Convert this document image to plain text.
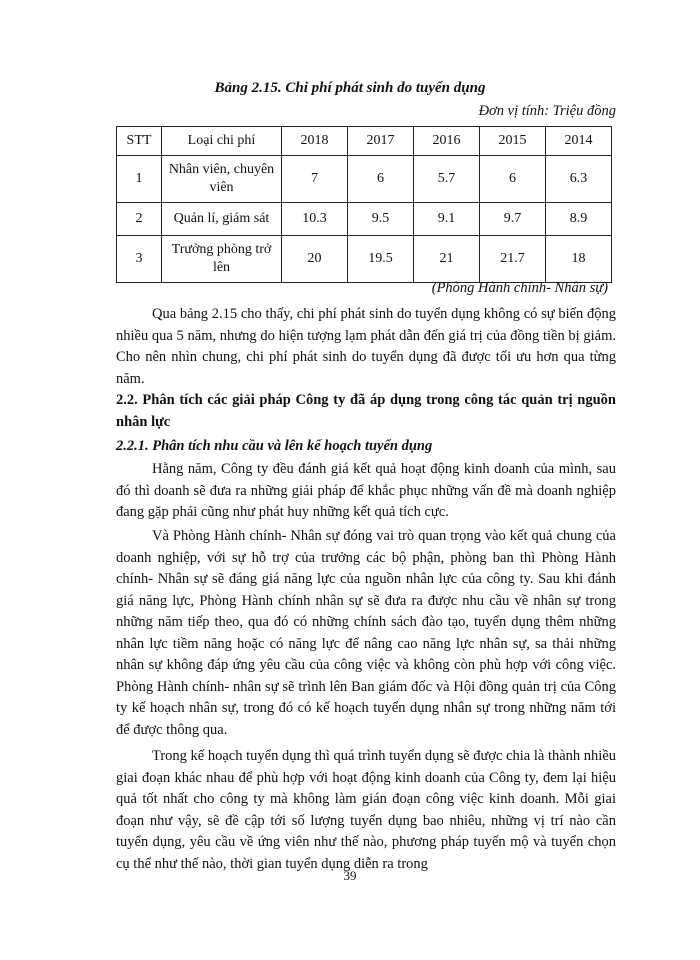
Bảng 2.15. Chi phí phát sinh do tuyển dụng
Đơn vị tính: Triệu đồng
STT	Loại chi phí	2018	2017	2016	2015	2014
1	Nhân viên, chuyên viên	7	6	5.7	6	6.3
2	Quản lí, giám sát	10.3	9.5	9.1	9.7	8.9
3	Trưởng phòng trở lên	20	19.5	21	21.7	18
(Phòng Hành chính- Nhân sự)

Qua bảng 2.15 cho thấy, chi phí phát sinh do tuyển dụng không có sự biến động nhiều qua 5 năm, nhưng do hiện tượng lạm phát dẫn đến giá trị của đồng tiền bị giảm. Cho nên nhìn chung, chi phí phát sinh do tuyển dụng đã được tối ưu hơn qua từng năm.

2.2. Phân tích các giải pháp Công ty đã áp dụng trong công tác quản trị nguồn nhân lực

2.2.1. Phân tích nhu cầu và lên kế hoạch tuyển dụng

Hằng năm, Công ty đều đánh giá kết quả hoạt động kinh doanh của mình, sau đó thì doanh sẽ đưa ra những giải pháp để khắc phục những vấn đề mà doanh nghiệp đang gặp phải cũng như phát huy những kết quả tích cực.

Và Phòng Hành chính- Nhân sự đóng vai trò quan trọng vào kết quả chung của doanh nghiệp, với sự hỗ trợ của trưởng các bộ phận, phòng ban thì Phòng Hành chính- Nhân sự sẽ đáng giá năng lực của nguồn nhân lực của công ty. Sau khi đánh giá năng lực, Phòng Hành chính nhân sự sẽ đưa ra được nhu cầu về nhân sự trong những năm tiếp theo, qua đó có những chính sách đào tạo, tuyển dụng thêm những nhân lực tiềm năng hoặc có năng lực để nâng cao năng lực nhân sự, sa thải những nhân sự không đáp ứng yêu cầu của công việc và không còn phù hợp với công việc. Phòng Hành chính- nhân sự sẽ trình lên Ban giám đốc và Hội đồng quản trị của Công ty kế hoạch nhân sự, trong đó có kế hoạch tuyển dụng nhân sự trong những năm tới để được thông qua.

Trong kế hoạch tuyển dụng thì quá trình tuyển dụng sẽ được chia là thành nhiều giai đoạn khác nhau để phù hợp với hoạt động kinh doanh của Công ty, đem lại hiệu quả tốt nhất cho công ty mà không làm gián đoạn công việc kinh doanh. Mỗi giai đoạn như vậy, sẽ đề cập tới số lượng tuyển dụng bao nhiêu, những vị trí nào cần tuyển dụng, yêu cầu về ứng viên như thế nào, phương pháp tuyển mộ và tuyển chọn cụ thể như thế nào, thời gian tuyển dụng diễn ra trong

39
